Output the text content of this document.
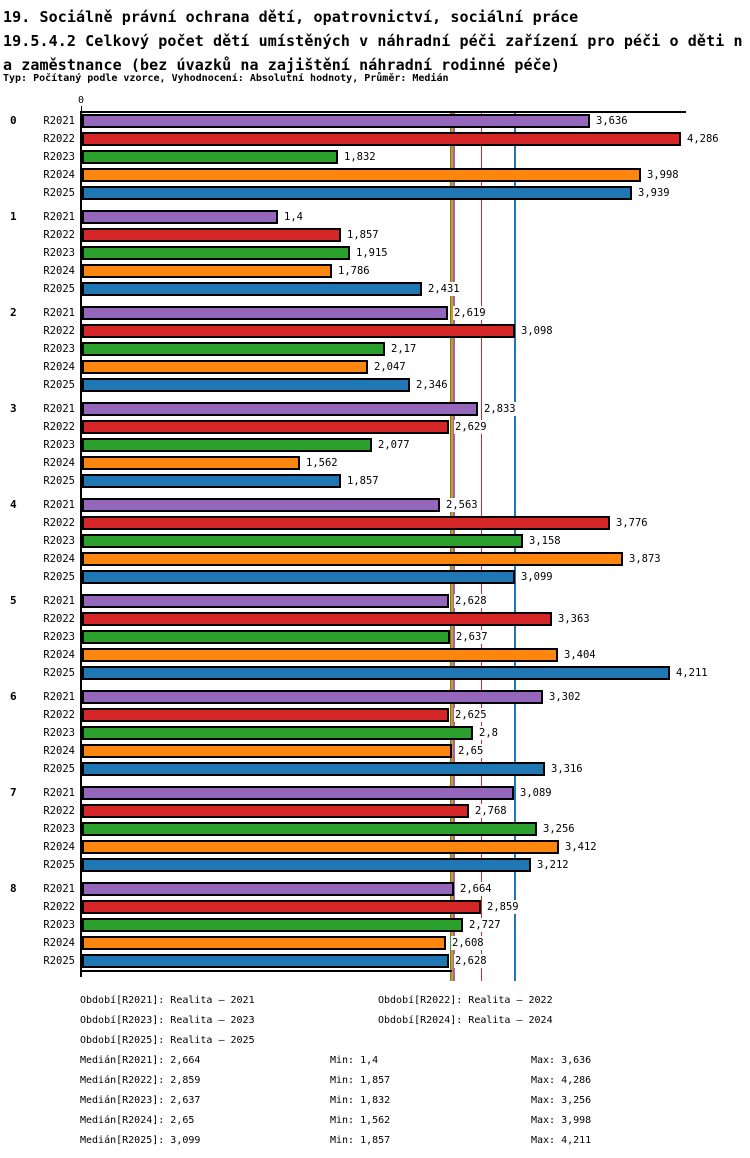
19. Sociálně právní ochrana dětí, opatrovnictví, sociální práce
19.5.4.2 Celkový počet dětí umístěných v náhradní péči zařízení pro péči o děti n
a zaměstnance (bez úvazků na zajištění náhradní rodinné péče)
Typ: Počítaný podle vzorce, Vyhodnocení: Absolutní hodnoty, Průměr: Medián
0
0	R2021	3,636
R2022	4,286
R2023	1,832
R2024	3,998
R2025	3,939
1	R2021	1,4
R2022	1,857
R2023	1,915
R2024	1,786
R2025	2,431
2	R2021	2,619
R2022	3,098
R2023	2,17
R2024	2,047
R2025	2,346
3	R2021	2,833
R2022	2,629
R2023	2,077
R2024	1,562
R2025	1,857
4	R2021	2,563
R2022	3,776
R2023	3,158
R2024	3,873
R2025	3,099
5	R2021	2,628
R2022	3,363
R2023	2,637
R2024	3,404
R2025	4,211
6	R2021	3,302
R2022	2,625
R2023	2,8
R2024	2,65
R2025	3,316
7	R2021	3,089
R2022	2,768
R2023	3,256
R2024	3,412
R2025	3,212
8	R2021	2,664
R2022	2,859
R2023	2,727
R2024	2,608
R2025	2,628
Období[R2021]: Realita – 2021	Období[R2022]: Realita – 2022
Období[R2023]: Realita – 2023	Období[R2024]: Realita – 2024
Období[R2025]: Realita – 2025
Medián[R2021]: 2,664	Min: 1,4	Max: 3,636
Medián[R2022]: 2,859	Min: 1,857	Max: 4,286
Medián[R2023]: 2,637	Min: 1,832	Max: 3,256
Medián[R2024]: 2,65	Min: 1,562	Max: 3,998
Medián[R2025]: 3,099	Min: 1,857	Max: 4,211
